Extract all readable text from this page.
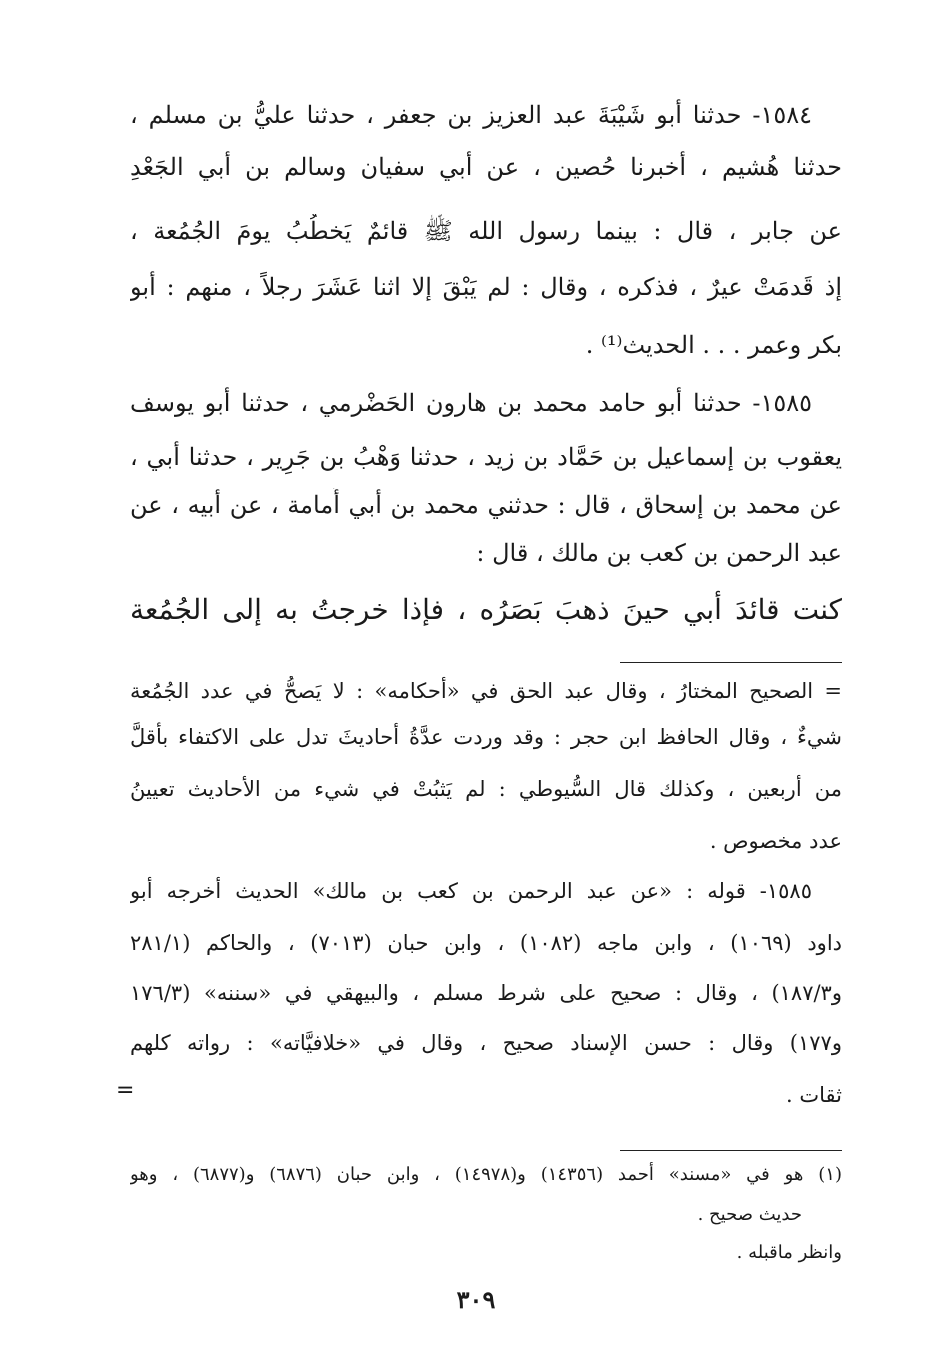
١٥٨٤- حدثنا أبو شَيْبَةَ عبد العزيز بن جعفر ، حدثنا عليُّ بن مسلم ،
حدثنا هُشيم ، أخبرنا حُصين ، عن أبي سفيان وسالم بن أبي الجَعْدِ
عن جابر ، قال : بينما رسول الله ﷺ قائمٌ يَخطُبُ يومَ الجُمُعة ،
إذ قَدمَتْ عيرٌ ، فذكره ، وقال : لم يَبْقَ إلا اثنا عَشَرَ رجلاً ، منهم : أبو
بكر وعمر . . . الحديث⁽¹⁾ .
١٥٨٥- حدثنا أبو حامد محمد بن هارون الحَضْرمي ، حدثنا أبو يوسف
يعقوب بن إسماعيل بن حَمَّاد بن زيد ، حدثنا وَهْبُ بن جَرِير ، حدثنا أبي ،
عن محمد بن إسحاق ، قال : حدثني محمد بن أبي أُمامة ، عن أبيه ، عن
عبد الرحمن بن كعب بن مالك ، قال :
كنت قائدَ أبي حينَ ذهبَ بَصَرُه ، فإذا خرجتُ به إلى الجُمُعة
= الصحيح المختارُ ، وقال عبد الحق في «أحكامه» : لا يَصحُّ في عدد الجُمُعة
شيءٌ ، وقال الحافظ ابن حجر : وقد وردت عدَّةُ أحاديثَ تدل على الاكتفاء بأقلَّ
من أربعين ، وكذلك قال السُّيوطي : لم يَثبُتْ في شيء من الأحاديث تعيينُ
عدد مخصوص .
١٥٨٥- قوله : «عن عبد الرحمن بن كعب بن مالك» الحديث أخرجه أبو
داود (١٠٦٩) ، وابن ماجه (١٠٨٢) ، وابن حبان (٧٠١٣) ، والحاكم (٢٨١/١
و١٨٧/٣) ، وقال : صحيح على شرط مسلم ، والبيهقي في «سننه» (١٧٦/٣
و١٧٧) وقال : حسن الإسناد صحيح ، وقال في «خلافيَّاته» : رواته كلهم
ثقات .
=
(١) هو في «مسند» أحمد (١٤٣٥٦) و(١٤٩٧٨) ، وابن حبان (٦٨٧٦) و(٦٨٧٧) ، وهو
حديث صحيح .
وانظر ماقبله .
٣٠٩
